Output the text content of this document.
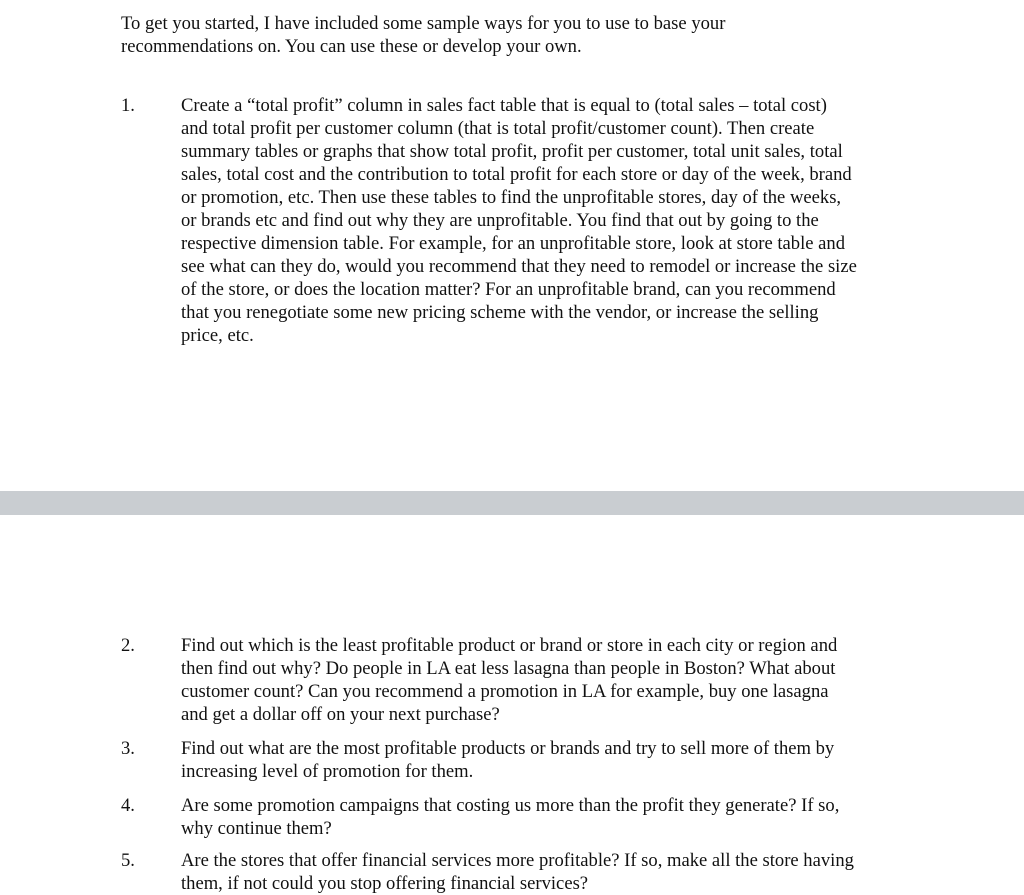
To get you started, I have included some sample ways for you to use to base your
recommendations on. You can use these or develop your own.

1. Create a “total profit” column in sales fact table that is equal to (total sales – total cost)
and total profit per customer column (that is total profit/customer count). Then create
summary tables or graphs that show total profit, profit per customer, total unit sales, total
sales, total cost and the contribution to total profit for each store or day of the week, brand
or promotion, etc. Then use these tables to find the unprofitable stores, day of the weeks,
or brands etc and find out why they are unprofitable. You find that out by going to the
respective dimension table. For example, for an unprofitable store, look at store table and
see what can they do, would you recommend that they need to remodel or increase the size
of the store, or does the location matter? For an unprofitable brand, can you recommend
that you renegotiate some new pricing scheme with the vendor, or increase the selling
price, etc.

2. Find out which is the least profitable product or brand or store in each city or region and
then find out why? Do people in LA eat less lasagna than people in Boston? What about
customer count? Can you recommend a promotion in LA for example, buy one lasagna
and get a dollar off on your next purchase?

3. Find out what are the most profitable products or brands and try to sell more of them by
increasing level of promotion for them.

4. Are some promotion campaigns that costing us more than the profit they generate? If so,
why continue them?

5. Are the stores that offer financial services more profitable? If so, make all the store having
them, if not could you stop offering financial services?
